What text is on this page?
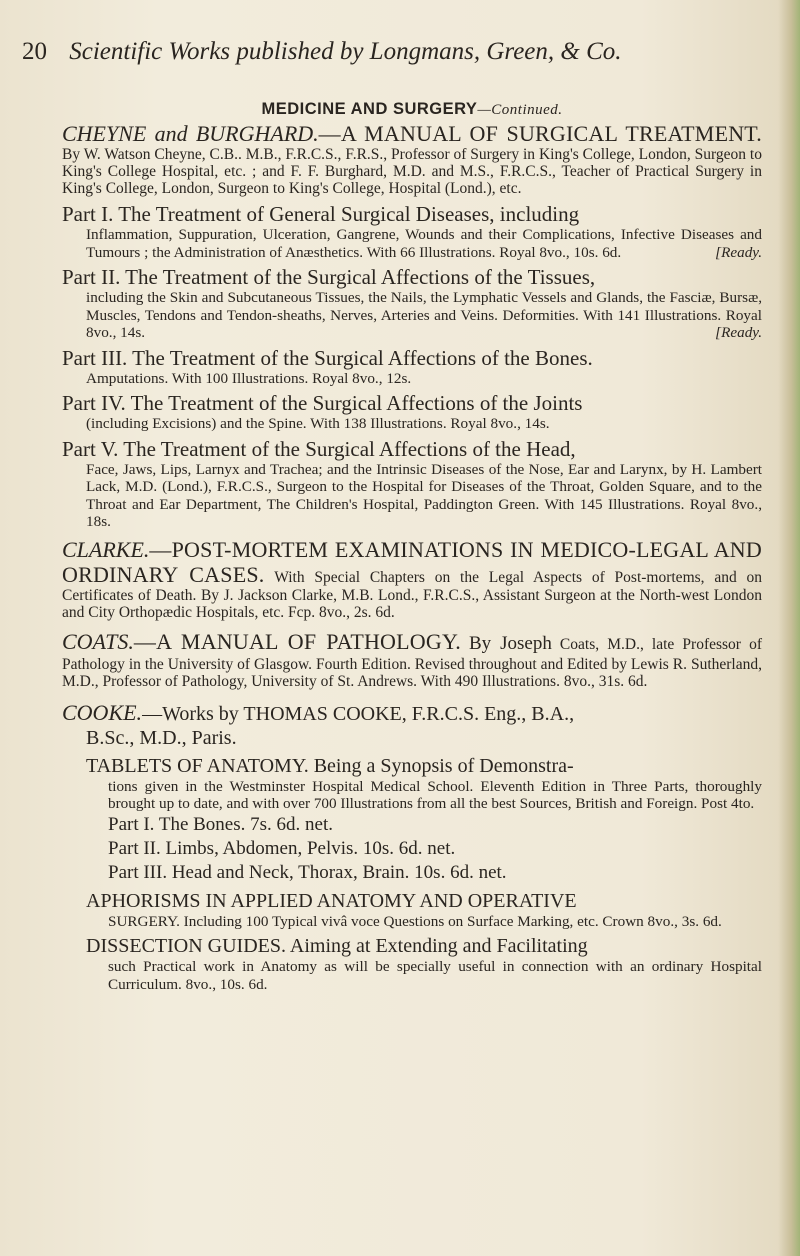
20 Scientific Works published by Longmans, Green, & Co.
MEDICINE AND SURGERY—Continued.

CHEYNE and BURGHARD.—A MANUAL OF SURGICAL TREATMENT. By W. Watson Cheyne, C.B.. M.B., F.R.C.S., F.R.S., Professor of Surgery in King's College, London, Surgeon to King's College Hospital, etc. ; and F. F. Burghard, M.D. and M.S., F.R.C.S., Teacher of Practical Surgery in King's College, London, Surgeon to King's College, Hospital (Lond.), etc.

Part I. The Treatment of General Surgical Diseases, including
Inflammation, Suppuration, Ulceration, Gangrene, Wounds and their Complications, Infective Diseases and Tumours ; the Administration of Anæsthetics. With 66 Illustrations. Royal 8vo., 10s. 6d.	[Ready.
Part II. The Treatment of the Surgical Affections of the Tissues,
including the Skin and Subcutaneous Tissues, the Nails, the Lymphatic Vessels and Glands, the Fasciæ, Bursæ, Muscles, Tendons and Tendon-sheaths, Nerves, Arteries and Veins. Deformities. With 141 Illustrations. Royal 8vo., 14s.	[Ready.
Part III. The Treatment of the Surgical Affections of the Bones.
Amputations. With 100 Illustrations. Royal 8vo., 12s.
Part IV. The Treatment of the Surgical Affections of the Joints
(including Excisions) and the Spine. With 138 Illustrations. Royal 8vo., 14s.
Part V. The Treatment of the Surgical Affections of the Head,
Face, Jaws, Lips, Larnyx and Trachea; and the Intrinsic Diseases of the Nose, Ear and Larynx, by H. Lambert Lack, M.D. (Lond.), F.R.C.S., Surgeon to the Hospital for Diseases of the Throat, Golden Square, and to the Throat and Ear Department, The Children's Hospital, Paddington Green. With 145 Illustrations. Royal 8vo., 18s.

CLARKE.—POST-MORTEM EXAMINATIONS IN MEDICO-LEGAL AND ORDINARY CASES. With Special Chapters on the Legal Aspects of Post-mortems, and on Certificates of Death. By J. Jackson Clarke, M.B. Lond., F.R.C.S., Assistant Surgeon at the North-west London and City Orthopædic Hospitals, etc. Fcp. 8vo., 2s. 6d.

COATS.—A MANUAL OF PATHOLOGY. By Joseph Coats, M.D., late Professor of Pathology in the University of Glasgow. Fourth Edition. Revised throughout and Edited by Lewis R. Sutherland, M.D., Professor of Pathology, University of St. Andrews. With 490 Illustrations. 8vo., 31s. 6d.

COOKE.—Works by THOMAS COOKE, F.R.C.S. Eng., B.A.,
B.Sc., M.D., Paris.
TABLETS OF ANATOMY. Being a Synopsis of Demonstra-
tions given in the Westminster Hospital Medical School. Eleventh Edition in Three Parts, thoroughly brought up to date, and with over 700 Illustrations from all the best Sources, British and Foreign. Post 4to.
Part I. The Bones. 7s. 6d. net.
Part II. Limbs, Abdomen, Pelvis. 10s. 6d. net.
Part III. Head and Neck, Thorax, Brain. 10s. 6d. net.
APHORISMS IN APPLIED ANATOMY AND OPERATIVE
SURGERY. Including 100 Typical vivâ voce Questions on Surface Marking, etc. Crown 8vo., 3s. 6d.
DISSECTION GUIDES. Aiming at Extending and Facilitating
such Practical work in Anatomy as will be specially useful in connection with an ordinary Hospital Curriculum. 8vo., 10s. 6d.
